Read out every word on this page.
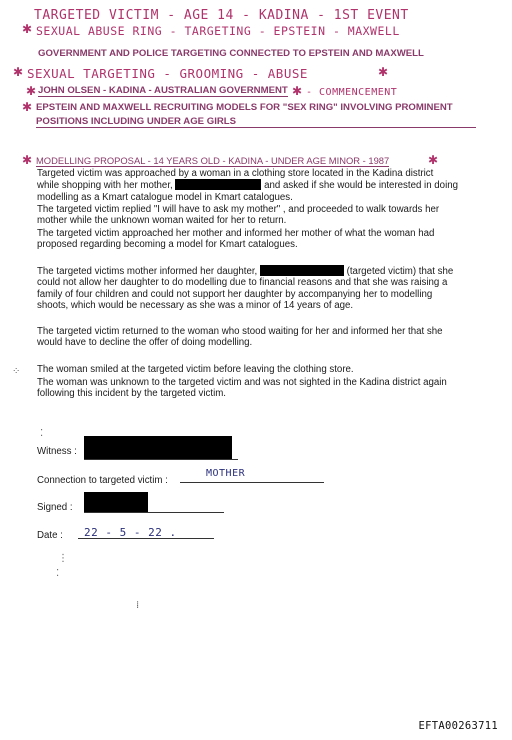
TARGETED VICTIM - AGE 14 - KADINA - 1ST EVENT
✱ SEXUAL ABUSE RING - TARGETING - EPSTEIN - MAXWELL
GOVERNMENT AND POLICE TARGETING CONNECTED TO EPSTEIN AND MAXWELL
✱ SEXUAL TARGETING - GROOMING - ABUSE	✱
✱ JOHN OLSEN - KADINA - AUSTRALIAN GOVERNMENT ✱ - COMMENCEMENT
✱ EPSTEIN AND MAXWELL RECRUITING MODELS FOR "SEX RING" INVOLVING PROMINENT
POSITIONS INCLUDING UNDER AGE GIRLS
✱ MODELLING PROPOSAL - 14 YEARS OLD - KADINA - UNDER AGE MINOR - 1987	✱
Targeted victim was approached by a woman in a clothing store located in the Kadina district
while shopping with her mother,	and asked if she would be interested in doing
modelling as a Kmart catalogue model in Kmart catalogues.
The targeted victim replied "I will have to ask my mother" , and proceeded to walk towards her
mother while the unknown woman waited for her to return.
The targeted victim approached her mother and informed her mother of what the woman had
proposed regarding becoming a model for Kmart catalogues.
The targeted victims mother informed her daughter,	(targeted victim) that she
could not allow her daughter to do modelling due to financial reasons and that she was raising a
family of four children and could not support her daughter by accompanying her to modelling
shoots, which would be necessary as she was a minor of 14 years of age.
The targeted victim returned to the woman who stood waiting for her and informed her that she
would have to decline the offer of doing modelling.
The woman smiled at the targeted victim before leaving the clothing store.
The woman was unknown to the targeted victim and was not sighted in the Kadina district again
following this incident by the targeted victim.
⁘
⁚
Witness :
Connection to targeted victim :
MOTHER
Signed :
Date : 22 - 5 - 22 .
⋮
⁚
⁞
EFTA00263711
